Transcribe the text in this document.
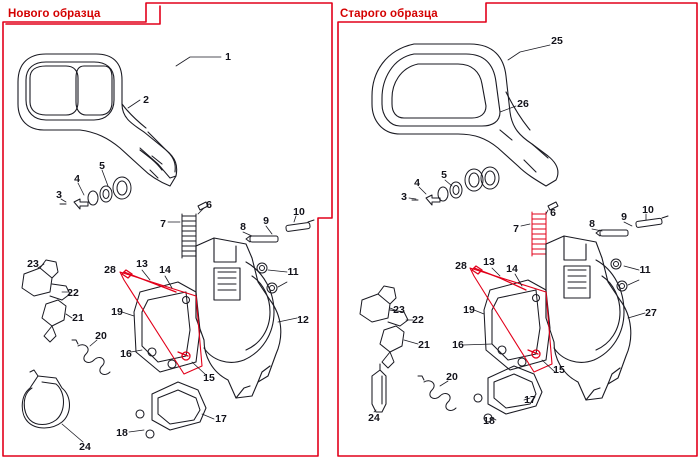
Нового образца	Старого образца
1
2
5
4
3
7
6
8 9
10
11
12
13 14
28
19
16
15
17
18
20
21
22
23
24
25
26
5
4
3
7
6
8
9
10
11
27
13
14
28
19
16
15
17
18
20
21
22
23
24
